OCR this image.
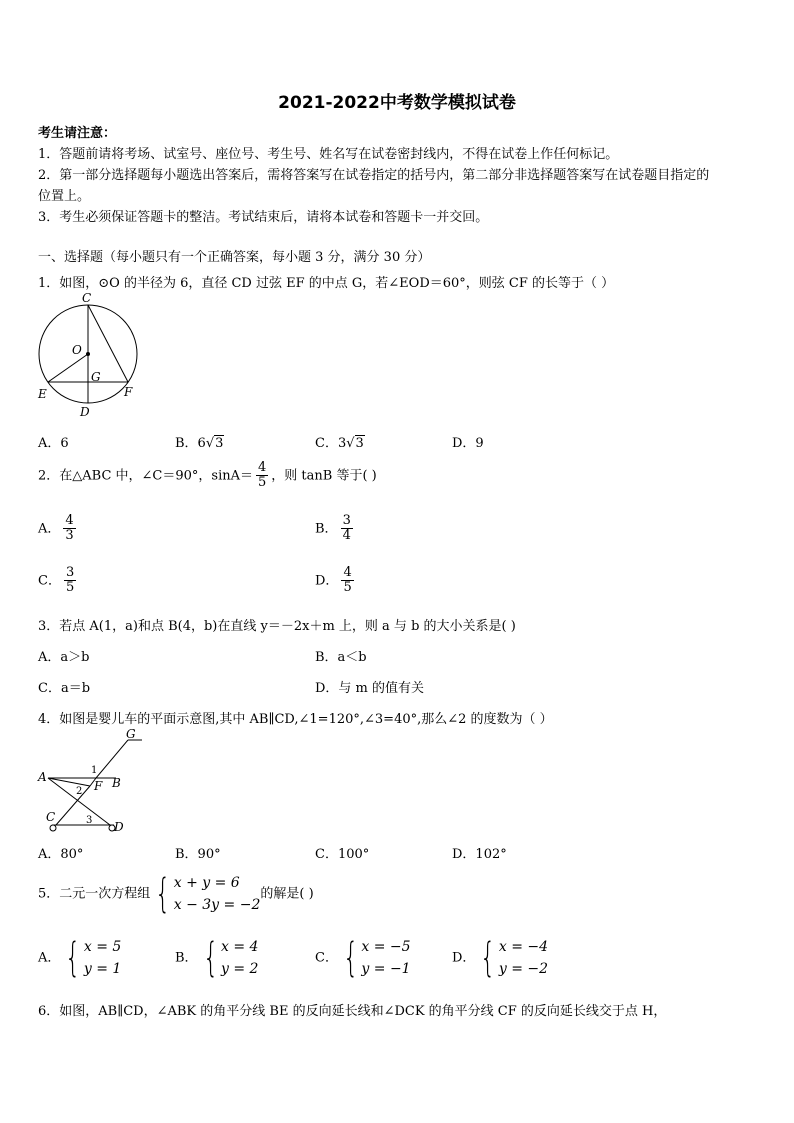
2021-2022中考数学模拟试卷
考生请注意：
1．答题前请将考场、试室号、座位号、考生号、姓名写在试卷密封线内，不得在试卷上作任何标记。
2．第一部分选择题每小题选出答案后，需将答案写在试卷指定的括号内，第二部分非选择题答案写在试卷题目指定的
位置上。
3．考生必须保证答题卡的整洁。考试结束后，请将本试卷和答题卡一并交回。
一、选择题（每小题只有一个正确答案，每小题 3 分，满分 30 分）
1．如图，⊙O 的半径为 6，直径 CD 过弦 EF 的中点 G，若∠EOD＝60°，则弦 CF 的长等于（ ）
C
O
G
E	F
D
A．6	B．6√3	C．3√3	D．9
2．在△ABC 中，∠C＝90°，$\sin A= \frac{4}{5}$ ，则 tanB 等于( )
A． $\frac{4}{3}$	B． $\frac{3}{4}$
C． $\frac{3}{5}$	D． $\frac{4}{5}$
3．若点 A(1，a)和点 B(4，b)在直线 y＝－2x＋m 上，则 a 与 b 的大小关系是( )
A．a＞b	B．a＜b
C．a＝b	D．与 m 的值有关
4．如图是婴儿车的平面示意图,其中 AB∥CD,∠1=120°,∠3=40°,那么∠2 的度数为（ ）
G
A	B
F
1
2
3
C
D
A．80°	B．90°	C．100°	D．102°
5．二元一次方程组 { x + y = 6
x − 3y = −2
的解是( )
A． { x = 5
y = 1
B． { x = 4
y = 2
C． { x = −5
y = −1
D． { x = −4
y = −2
6．如图，AB∥CD，∠ABK 的角平分线 BE 的反向延长线和∠DCK 的角平分线 CF 的反向延长线交于点 H，
